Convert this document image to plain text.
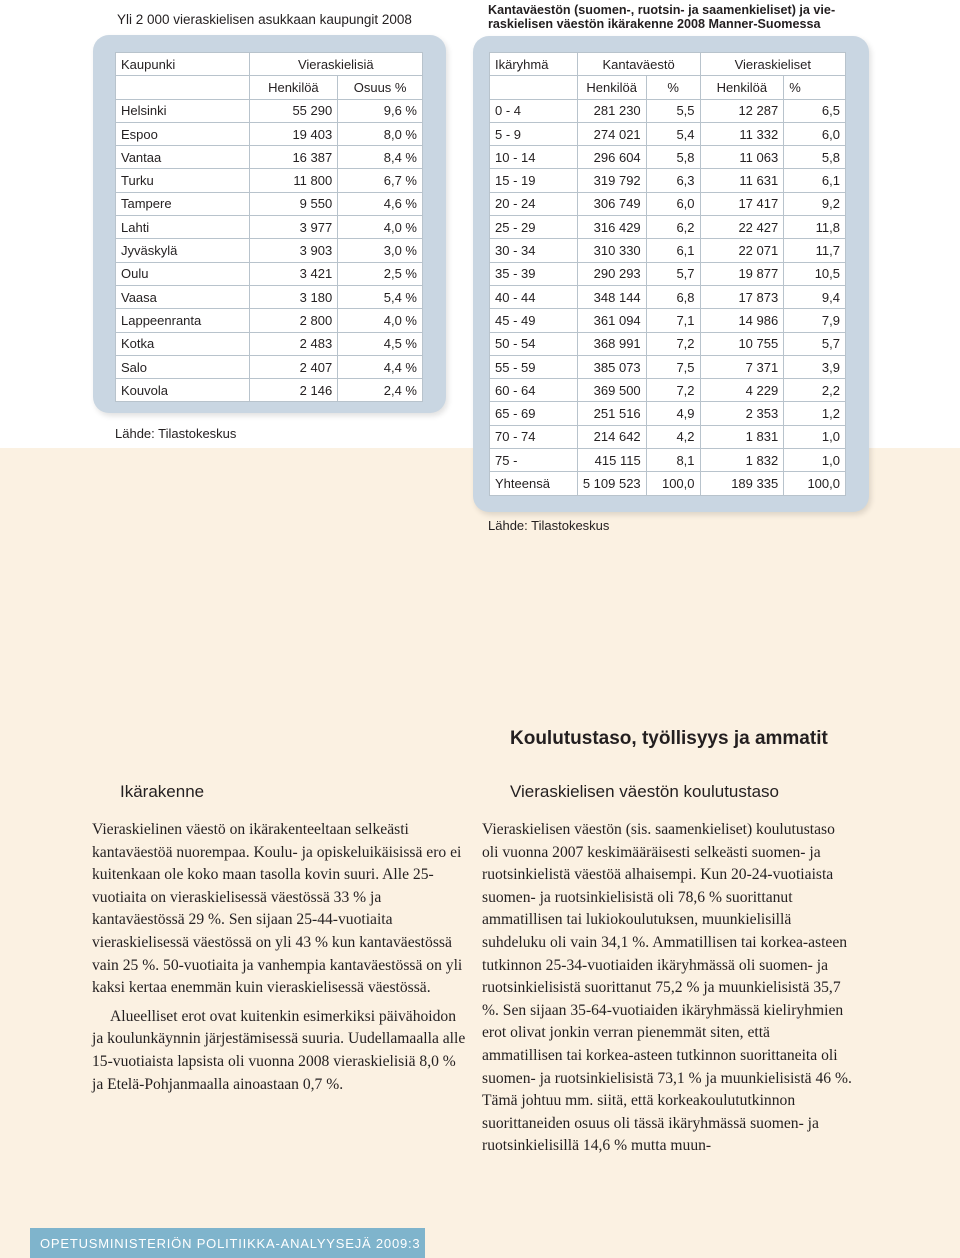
Yli 2 000 vieraskielisen asukkaan kaupungit 2008
Kaupunki	Vieraskielisiä	
	Henkilöä	Osuus %
Helsinki	55 290	9,6 %
Espoo	19 403	8,0 %
Vantaa	16 387	8,4 %
Turku	11 800	6,7 %
Tampere	9 550	4,6 %
Lahti	3 977	4,0 %
Jyväskylä	3 903	3,0 %
Oulu	3 421	2,5 %
Vaasa	3 180	5,4 %
Lappeenranta	2 800	4,0 %
Kotka	2 483	4,5 %
Salo	2 407	4,4 %
Kouvola	2 146	2,4 %
Lähde: Tilastokeskus
Kantaväestön (suomen-, ruotsin- ja saamenkieliset) ja vie-
raskielisen väestön ikärakenne 2008 Manner-Suomessa
Ikäryhmä	Kantaväestö		Vieraskieliset	
	Henkilöä	%	Henkilöä	%
0 - 4	281 230	5,5	12 287	6,5
5 - 9	274 021	5,4	11 332	6,0
10 - 14	296 604	5,8	11 063	5,8
15 - 19	319 792	6,3	11 631	6,1
20 - 24	306 749	6,0	17 417	9,2
25 - 29	316 429	6,2	22 427	11,8
30 - 34	310 330	6,1	22 071	11,7
35 - 39	290 293	5,7	19 877	10,5
40 - 44	348 144	6,8	17 873	9,4
45 - 49	361 094	7,1	14 986	7,9
50 - 54	368 991	7,2	10 755	5,7
55 - 59	385 073	7,5	7 371	3,9
60 - 64	369 500	7,2	4 229	2,2
65 - 69	251 516	4,9	2 353	1,2
70 - 74	214 642	4,2	1 831	1,0
75 -	415 115	8,1	1 832	1,0
Yhteensä	5 109 523	100,0	189 335	100,0
Lähde: Tilastokeskus
Koulutustaso, työllisyys ja ammatit
Ikärakenne	Vieraskielisen väestön koulutustaso

Vieraskielinen väestö on ikärakenteeltaan selkeästi kantaväestöä nuorempaa. Koulu- ja opiskeluikäisissä ero ei kuitenkaan ole koko maan tasolla kovin suuri. Alle 25-vuotiaita on vieraskielisessä väestössä 33 % ja kantaväestössä 29 %. Sen sijaan 25-44-vuotiaita vieraskielisessä väestössä on yli 43 % kun kantaväestössä vain 25 %. 50-vuotiaita ja vanhempia kantaväestössä on yli kaksi kertaa enemmän kuin vieraskielisessä väestössä.

Alueelliset erot ovat kuitenkin esimerkiksi päivähoidon ja koulunkäynnin järjestämisessä suuria. Uudellamaalla alle 15-vuotiaista lapsista oli vuonna 2008 vieraskielisiä 8,0 % ja Etelä-Pohjanmaalla ainoastaan 0,7 %.

Vieraskielisen väestön (sis. saamenkieliset) koulutustaso oli vuonna 2007 keskimääräisesti selkeästi suomen- ja ruotsinkielistä väestöä alhaisempi. Kun 20-24-vuotiaista suomen- ja ruotsinkielisistä oli 78,6 % suorittanut ammatillisen tai lukiokoulutuksen, muunkielisillä suhdeluku oli vain 34,1 %. Ammatillisen tai korkea-asteen tutkinnon 25-34-vuotiaiden ikäryhmässä oli suomen- ja ruotsinkielisistä suorittanut 75,2 % ja muunkielisistä 35,7 %. Sen sijaan 35-64-vuotiaiden ikäryhmässä kieliryhmien erot olivat jonkin verran pienemmät siten, että ammatillisen tai korkea-asteen tutkinnon suorittaneita oli suomen- ja ruotsinkielisistä 73,1 % ja muunkielisistä 46 %. Tämä johtuu mm. siitä, että korkeakoulututkinnon suorittaneiden osuus oli tässä ikäryhmässä suomen- ja ruotsinkielisillä 14,6 % mutta muun-

OPETUSMINISTERIÖN POLITIIKKA-ANALYYSEJÄ 2009:3
